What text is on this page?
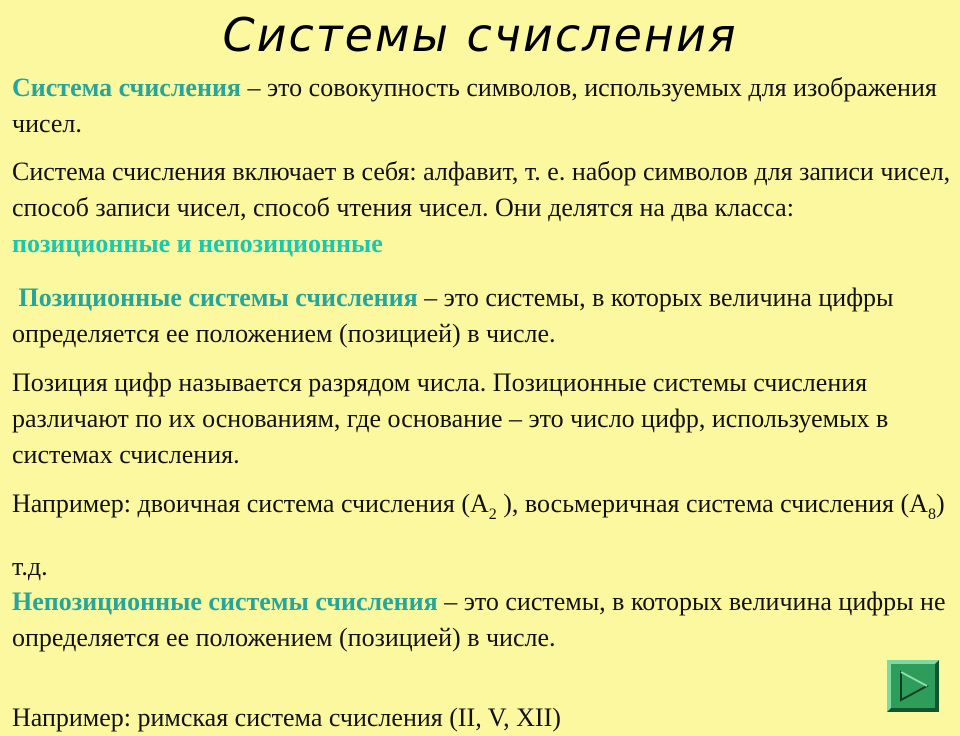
Системы счисления

Система счисления – это совокупность символов, используемых для изображения чисел.

Система счисления включает в себя: алфавит, т. е. набор символов для записи чисел, способ записи чисел, способ чтения чисел. Они делятся на два класса: позиционные и непозиционные

Позиционные системы счисления – это системы, в которых величина цифры определяется ее положением (позицией) в числе.

Позиция цифр называется разрядом числа. Позиционные системы счисления различают по их основаниям, где основание – это число цифр, используемых в системах счисления.

Например: двоичная система счисления ($А_2$ ), восьмеричная система счисления $(А_8)$ т.д.

Непозиционные системы счисления – это системы, в которых величина цифры не определяется ее положением (позицией) в числе.

Например: римская система счисления (II, V, XII)
